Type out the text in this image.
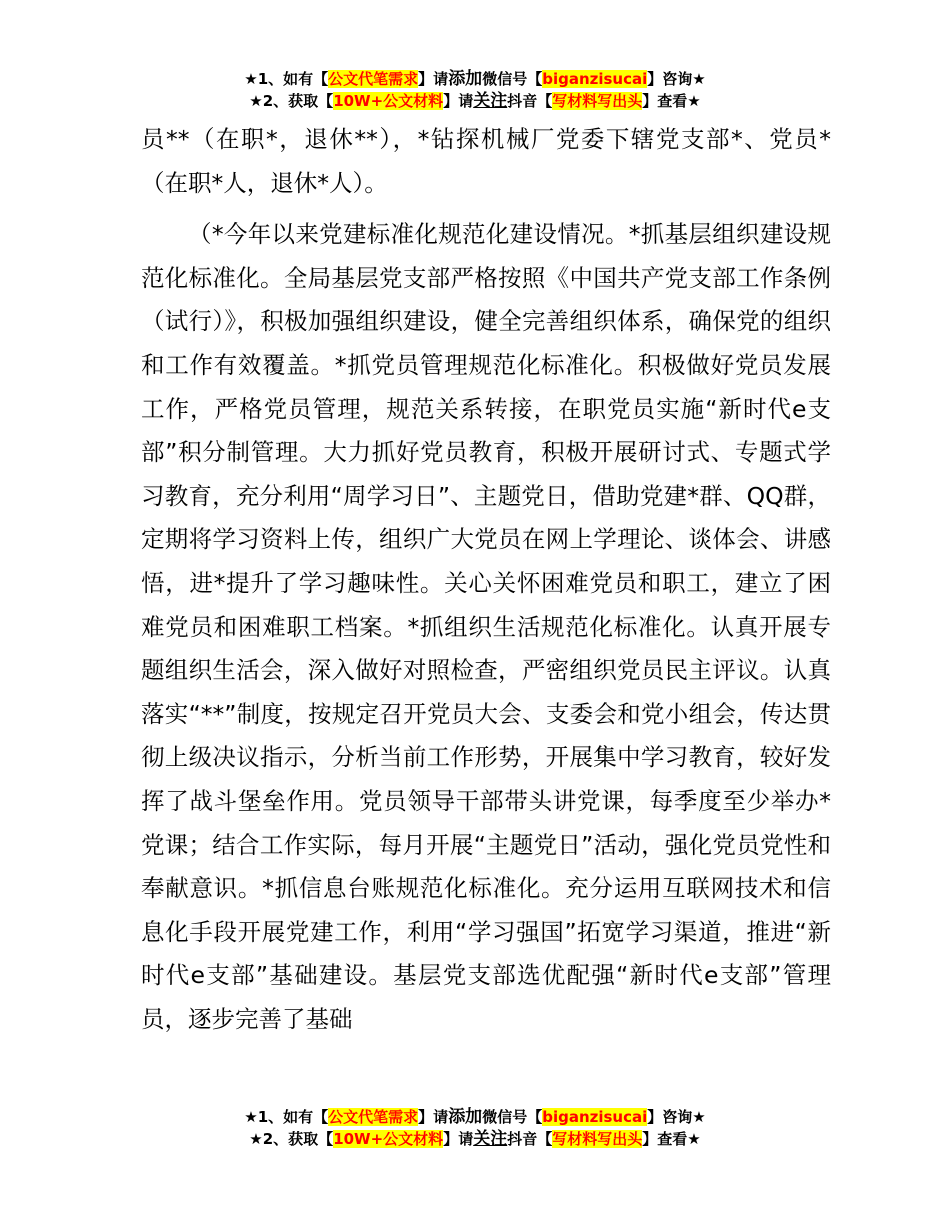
★1、如有【公文代笔需求】请添加微信号【biganzisucai】咨询★
★2、获取【10W+公文材料】请关注抖音【写材料写出头】查看★

员**（在职*，退休**），*钻探机械厂党委下辖党支部*、党员*（在职*人，退休*人）。

（*今年以来党建标准化规范化建设情况。*抓基层组织建设规范化标准化。全局基层党支部严格按照《中国共产党支部工作条例（试行）》，积极加强组织建设，健全完善组织体系，确保党的组织和工作有效覆盖。*抓党员管理规范化标准化。积极做好党员发展工作，严格党员管理，规范关系转接，在职党员实施“新时代e支部”积分制管理。大力抓好党员教育，积极开展研讨式、专题式学习教育，充分利用“周学习日”、主题党日，借助党建*群、QQ群，定期将学习资料上传，组织广大党员在网上学理论、谈体会、讲感悟，进*提升了学习趣味性。关心关怀困难党员和职工，建立了困难党员和困难职工档案。*抓组织生活规范化标准化。认真开展专题组织生活会，深入做好对照检查，严密组织党员民主评议。认真落实“**”制度，按规定召开党员大会、支委会和党小组会，传达贯彻上级决议指示，分析当前工作形势，开展集中学习教育，较好发挥了战斗堡垒作用。党员领导干部带头讲党课，每季度至少举办*党课；结合工作实际，每月开展“主题党日”活动，强化党员党性和奉献意识。*抓信息台账规范化标准化。充分运用互联网技术和信息化手段开展党建工作，利用“学习强国”拓宽学习渠道，推进“新时代e支部”基础建设。基层党支部选优配强“新时代e支部”管理员，逐步完善了基础

★1、如有【公文代笔需求】请添加微信号【biganzisucai】咨询★
★2、获取【10W+公文材料】请关注抖音【写材料写出头】查看★
